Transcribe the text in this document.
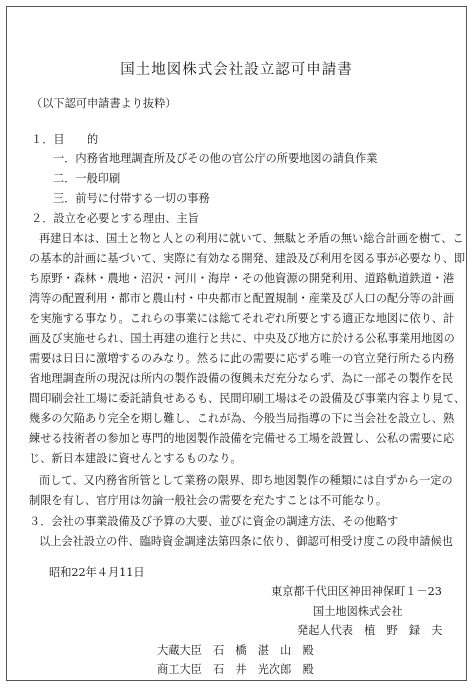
国土地図株式会社設立認可申請書
（以下認可申請書より抜粋）
１．目　　的
一．内務省地理調査所及びその他の官公庁の所要地図の請負作業
二．一般印刷
三．前号に付帯する一切の事務
２．設立を必要とする理由、主旨
再建日本は、国土と物と人との利用に就いて、無駄と矛盾の無い総合計画を樹て、こ
の基本的計画に基づいて、実際に有効なる開発、建設及び利用を図る事が必要なり、即
ち原野・森林・農地・沼沢・河川・海岸・その他資源の開発利用、道路軌道鉄道・港
湾等の配置利用・都市と農山村・中央都市と配置規制・産業及び人口の配分等の計画
を実施する事なり。これらの事業には総てそれぞれ所要とする適正な地図に依り、計
画及び実施せられ、国土再建の進行と共に、中央及び地方に於ける公私事業用地図の
需要は日日に激増するのみなり。然るに此の需要に応ずる唯一の官立発行所たる内務
省地理調査所の現況は所内の製作設備の復興未だ充分ならず、為に一部その製作を民
間印刷会社工場に委託請負せあるも、民間印刷工場はその設備及び事業内容より見て、
幾多の欠陥あり完全を期し難し、これが為、今般当局指導の下に当会社を設立し、熟
練せる技術者の参加と専門的地図製作設備を完備せる工場を設置し、公私の需要に応
じ、新日本建設に資せんとするものなり。
而して、又内務省所管として業務の限界、即ち地図製作の種類には自ずから一定の
制限を有し、官庁用は勿論一般社会の需要を充たすことは不可能なり。
３．会社の事業設備及び予算の大要、並びに資金の調達方法、その他略す
以上会社設立の件、臨時資金調達法第四条に依り、御認可相受け度この段申請候也
昭和22年４月11日
東京都千代田区神田神保町１－23
国土地図株式会社
発起人代表　植　野　録　夫
大蔵大臣　石　橋　湛　山　殿
商工大臣　石　井　光次郎　殿
